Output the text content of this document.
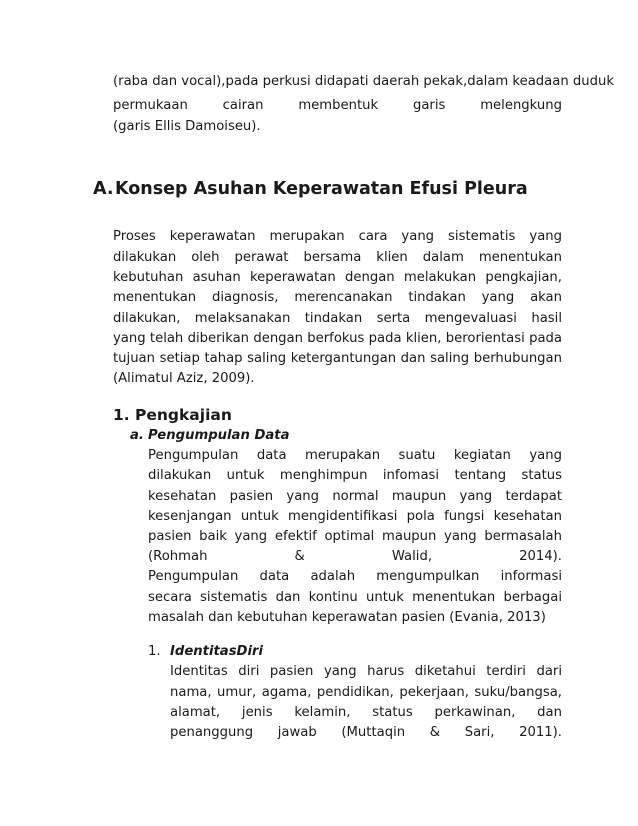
(raba dan vocal),pada perkusi didapati daerah pekak,dalam keadaan duduk
permukaan cairan membentuk garis melengkung
(garis Ellis Damoiseu).
A.Konsep Asuhan Keperawatan Efusi Pleura
Proses keperawatan merupakan cara yang sistematis yang
dilakukan oleh perawat bersama klien dalam menentukan
kebutuhan asuhan keperawatan dengan melakukan pengkajian,
menentukan diagnosis, merencanakan tindakan yang akan
dilakukan, melaksanakan tindakan serta mengevaluasi hasil
yang telah diberikan dengan berfokus pada klien, berorientasi pada
tujuan setiap tahap saling ketergantungan dan saling berhubungan
(Alimatul Aziz, 2009).
1. Pengkajian
a. Pengumpulan Data
Pengumpulan data merupakan suatu kegiatan yang
dilakukan untuk menghimpun infomasi tentang status
kesehatan pasien yang normal maupun yang terdapat
kesenjangan untuk mengidentifikasi pola fungsi kesehatan
pasien baik yang efektif optimal maupun yang bermasalah
(Rohmah & Walid, 2014).
Pengumpulan data adalah mengumpulkan informasi
secara sistematis dan kontinu untuk menentukan berbagai
masalah dan kebutuhan keperawatan pasien (Evania, 2013)
1. IdentitasDiri
Identitas diri pasien yang harus diketahui terdiri dari
nama, umur, agama, pendidikan, pekerjaan, suku/bangsa,
alamat, jenis kelamin, status perkawinan, dan
penanggung jawab (Muttaqin & Sari, 2011).
